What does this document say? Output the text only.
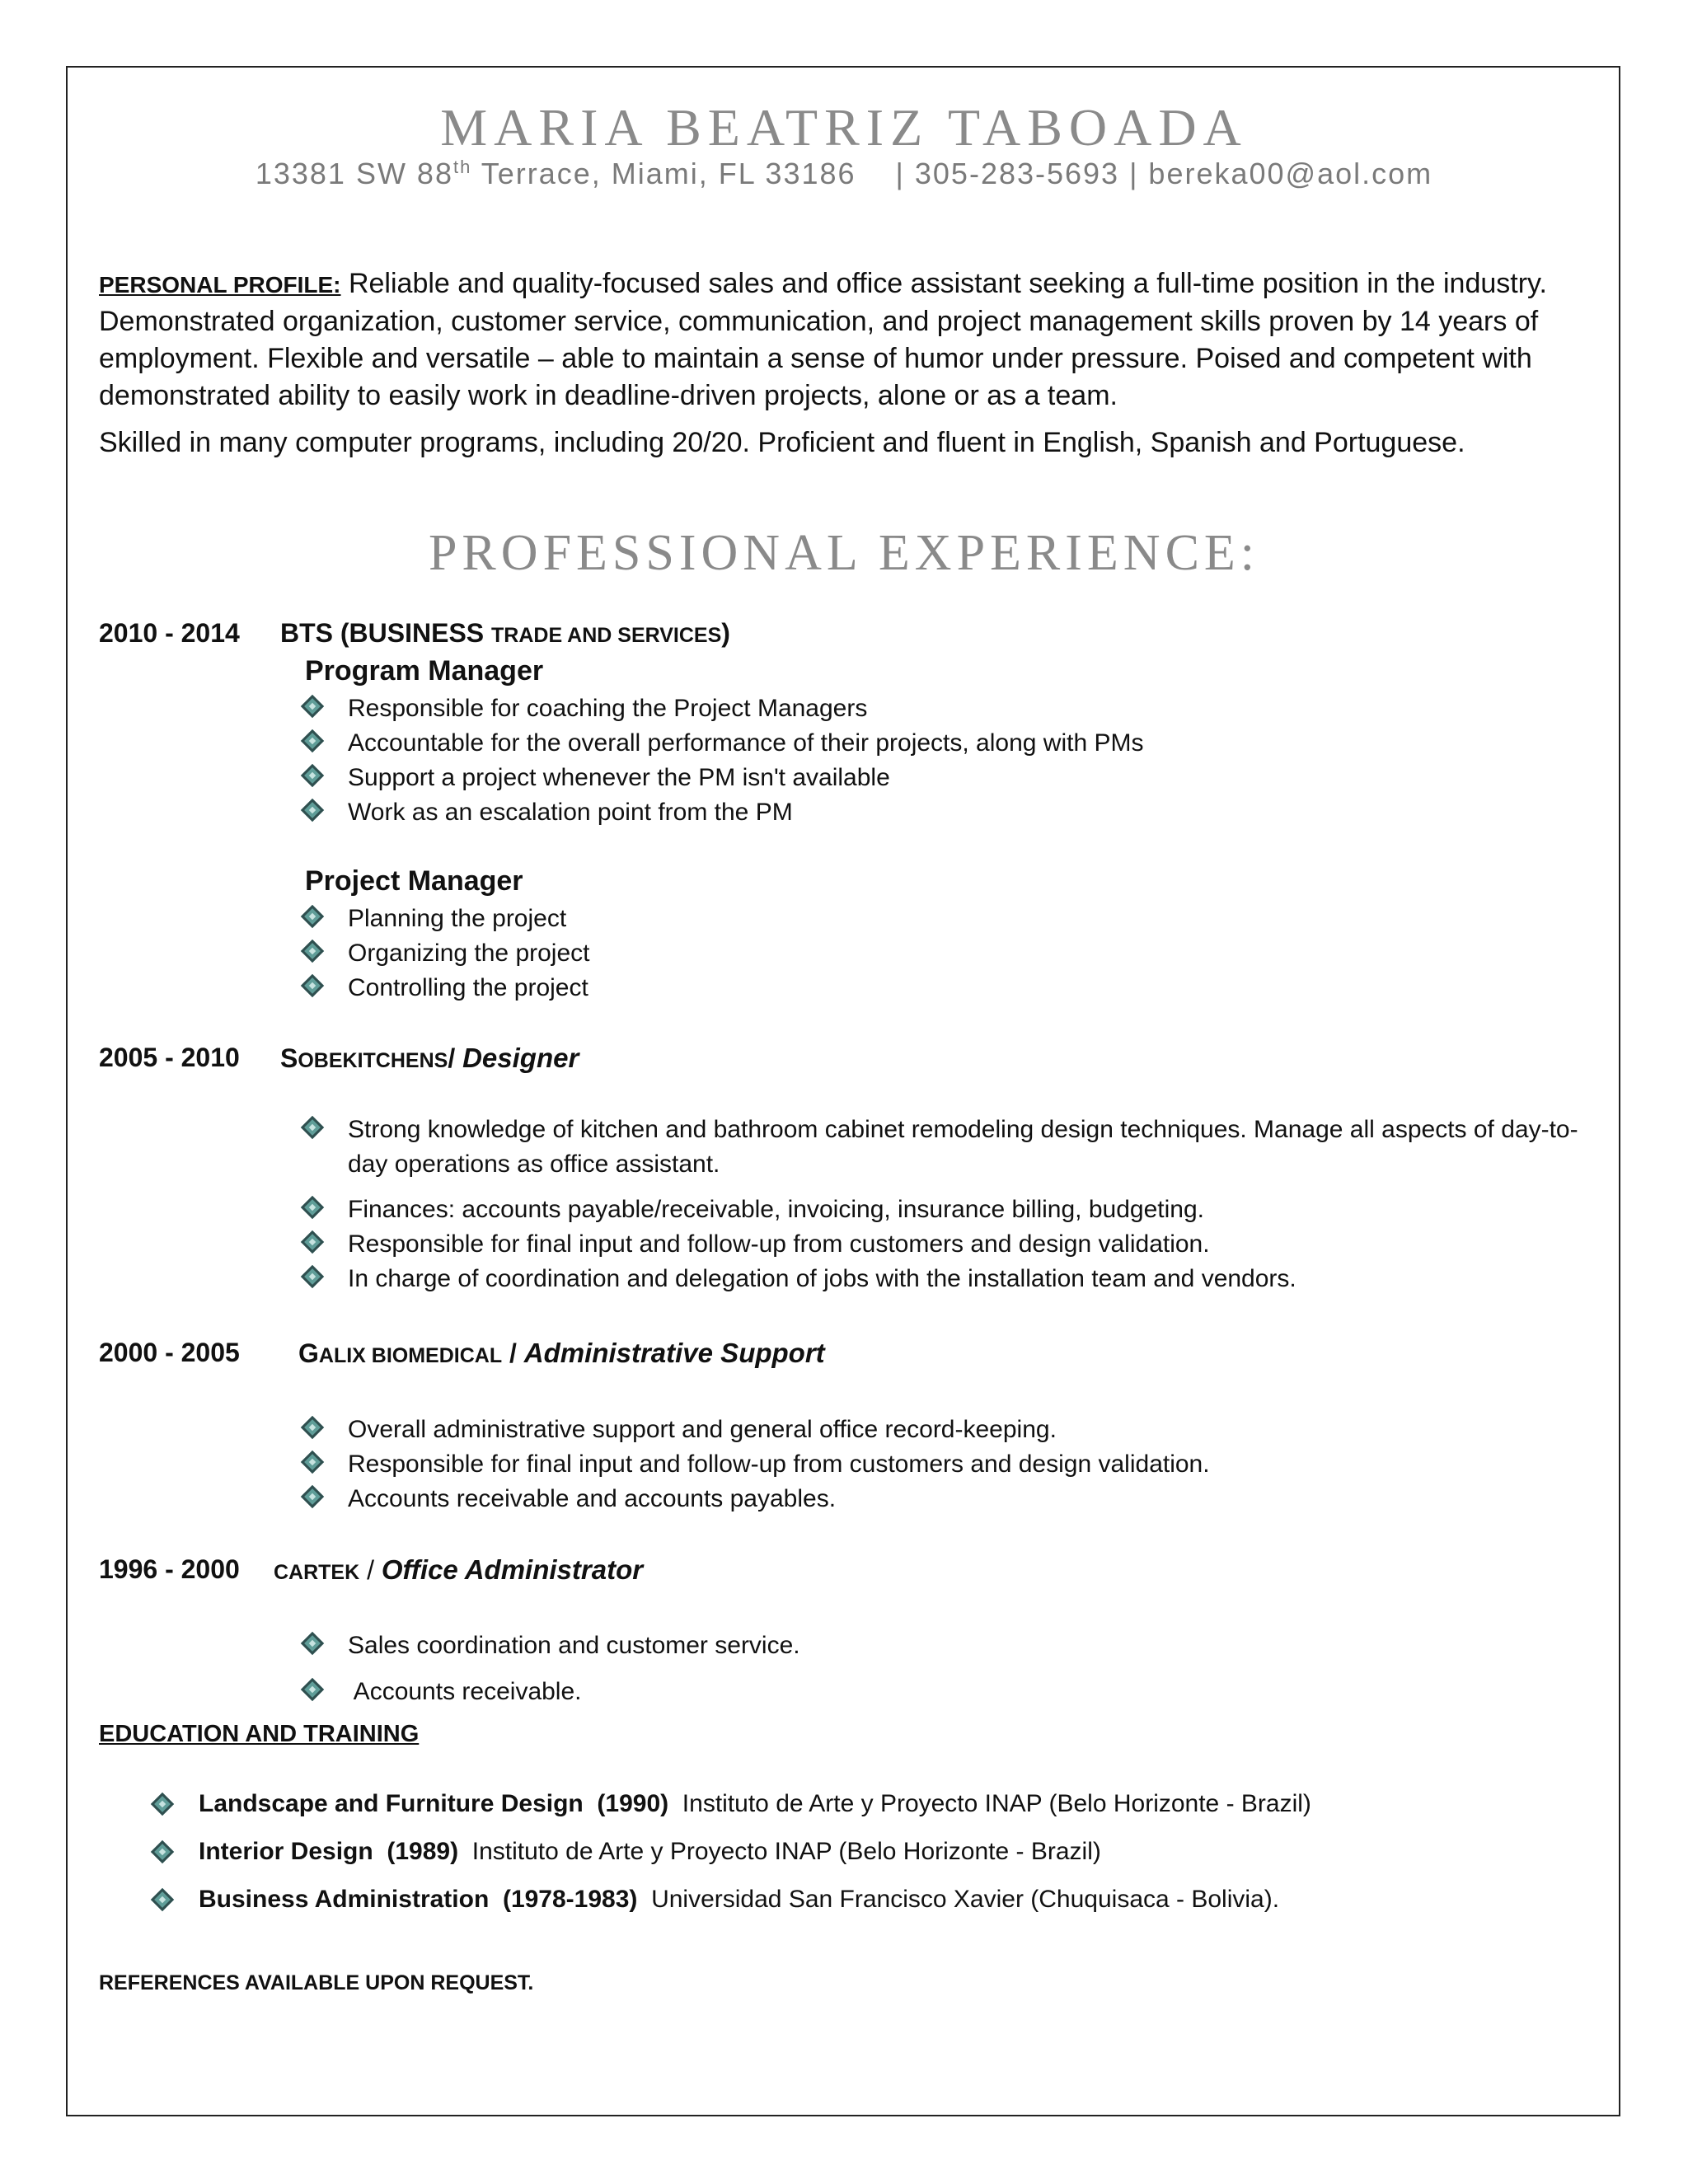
MARIA BEATRIZ TABOADA
13381 SW 88th Terrace, Miami, FL 33186    | 305-283-5693 | bereka00@aol.com

PERSONAL PROFILE: Reliable and quality-focused sales and office assistant seeking a full-time position in the industry. Demonstrated organization, customer service, communication, and project management skills proven by 14 years of employment. Flexible and versatile – able to maintain a sense of humor under pressure. Poised and competent with demonstrated ability to easily work in deadline-driven projects, alone or as a team.

Skilled in many computer programs, including 20/20. Proficient and fluent in English, Spanish and Portuguese.

PROFESSIONAL EXPERIENCE:
2010 - 2014 BTS (BUSINESS TRADE AND SERVICES)
Program Manager
Responsible for coaching the Project Managers
Accountable for the overall performance of their projects, along with PMs
Support a project whenever the PM isn't available
Work as an escalation point from the PM
Project Manager
Planning the project
Organizing the project
Controlling the project
2005 - 2010 SOBEKITCHENS/ Designer
Strong knowledge of kitchen and bathroom cabinet remodeling design techniques. Manage all aspects of day-to-day operations as office assistant.
Finances: accounts payable/receivable, invoicing, insurance billing, budgeting.
Responsible for final input and follow-up from customers and design validation.
In charge of coordination and delegation of jobs with the installation team and vendors.
2000 - 2005 GALIX BIOMEDICAL / Administrative Support
Overall administrative support and general office record-keeping.
Responsible for final input and follow-up from customers and design validation.
Accounts receivable and accounts payables.
1996 - 2000 CARTEK / Office Administrator
Sales coordination and customer service.
Accounts receivable.
EDUCATION AND TRAINING
Landscape and Furniture Design  (1990)  Instituto de Arte y Proyecto INAP (Belo Horizonte - Brazil)
Interior Design  (1989)  Instituto de Arte y Proyecto INAP (Belo Horizonte - Brazil)
Business Administration  (1978-1983)  Universidad San Francisco Xavier (Chuquisaca - Bolivia).
REFERENCES AVAILABLE UPON REQUEST.
